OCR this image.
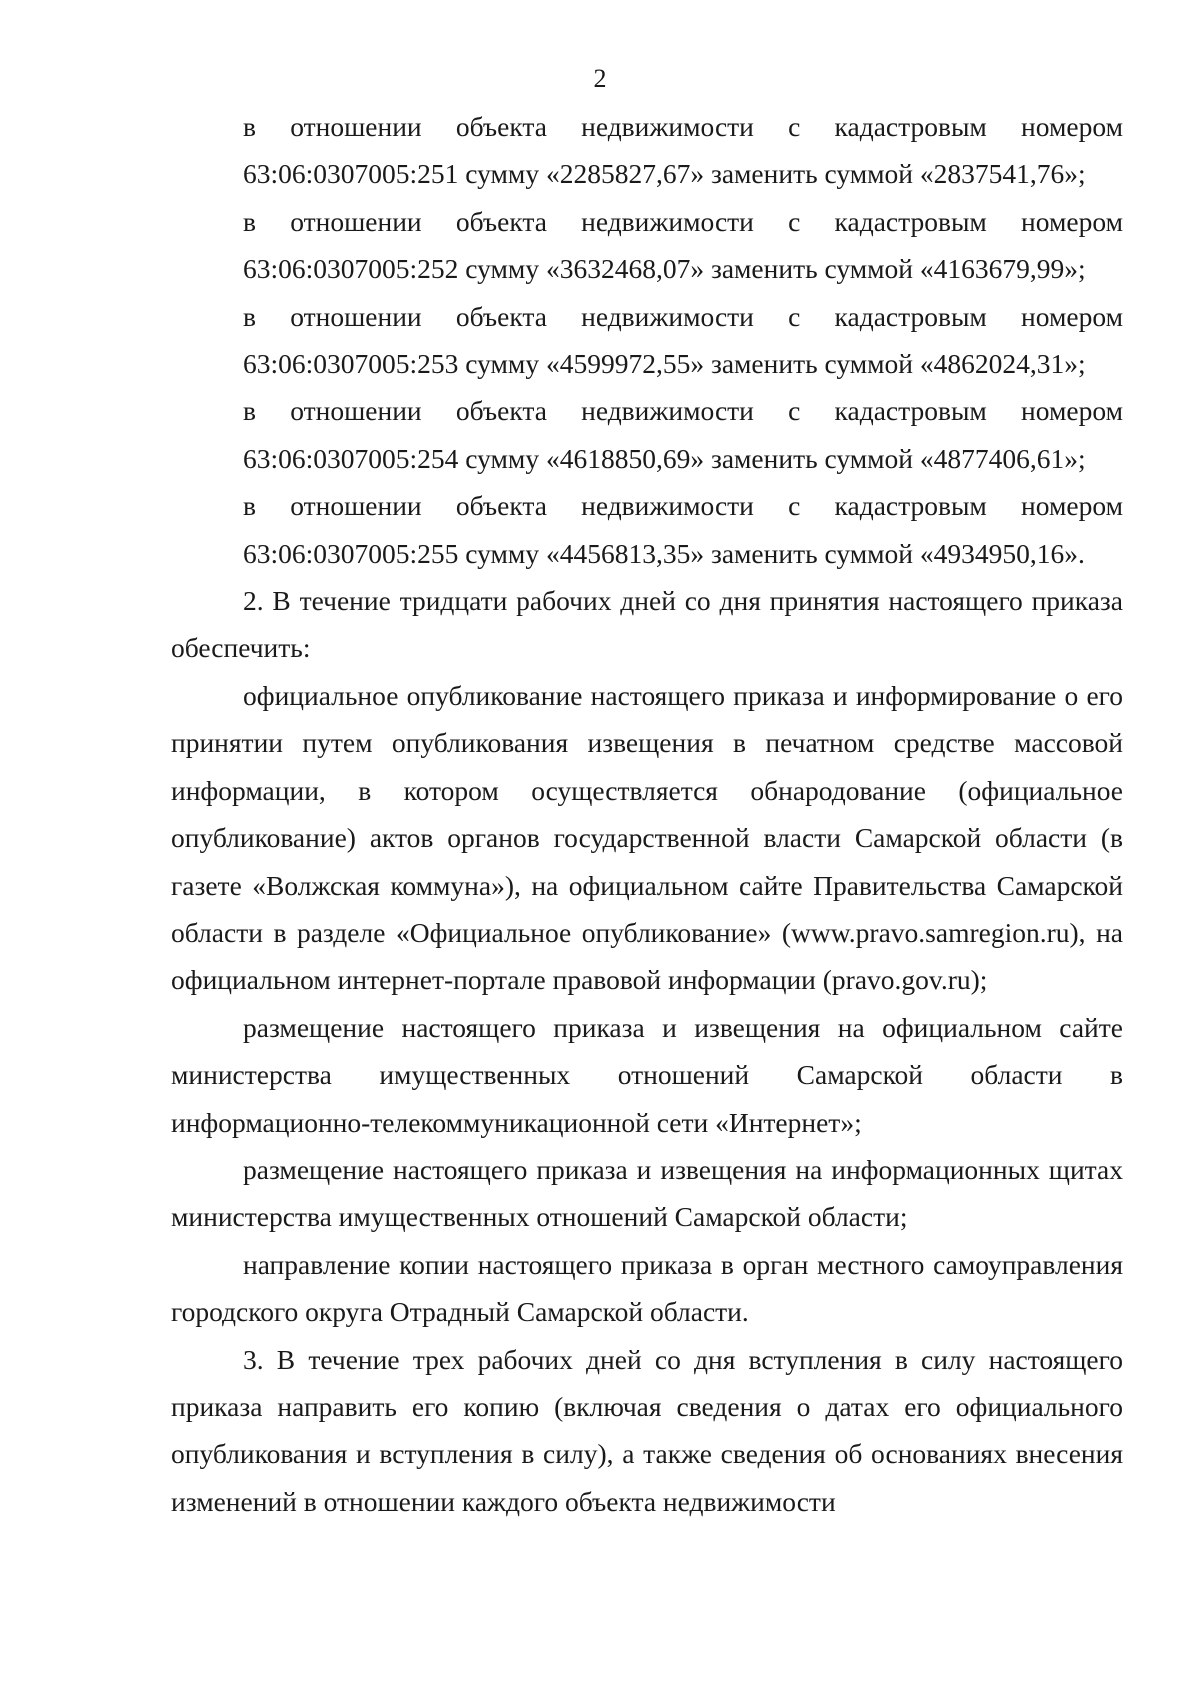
2
в отношении объекта недвижимости с кадастровым номером
63:06:0307005:251 сумму «2285827,67» заменить суммой «2837541,76»;
в отношении объекта недвижимости с кадастровым номером
63:06:0307005:252 сумму «3632468,07» заменить суммой «4163679,99»;
в отношении объекта недвижимости с кадастровым номером
63:06:0307005:253 сумму «4599972,55» заменить суммой «4862024,31»;
в отношении объекта недвижимости с кадастровым номером
63:06:0307005:254 сумму «4618850,69» заменить суммой «4877406,61»;
в отношении объекта недвижимости с кадастровым номером
63:06:0307005:255 сумму «4456813,35» заменить суммой «4934950,16».

2. В течение тридцати рабочих дней со дня принятия настоящего приказа обеспечить:

официальное опубликование настоящего приказа и информирование о его принятии путем опубликования извещения в печатном средстве массовой информации, в котором осуществляется обнародование (официальное опубликование) актов органов государственной власти Самарской области (в газете «Волжская коммуна»), на официальном сайте Правительства Самарской области в разделе «Официальное опубликование» (www.pravo.samregion.ru), на официальном интернет-портале правовой информации (pravo.gov.ru);

размещение настоящего приказа и извещения на официальном сайте министерства имущественных отношений Самарской области в информационно-телекоммуникационной сети «Интернет»;

размещение настоящего приказа и извещения на информационных щитах министерства имущественных отношений Самарской области;

направление копии настоящего приказа в орган местного самоуправления городского округа Отрадный Самарской области.

3. В течение трех рабочих дней со дня вступления в силу настоящего приказа направить его копию (включая сведения о датах его официального опубликования и вступления в силу), а также сведения об основаниях внесения изменений в отношении каждого объекта недвижимости
